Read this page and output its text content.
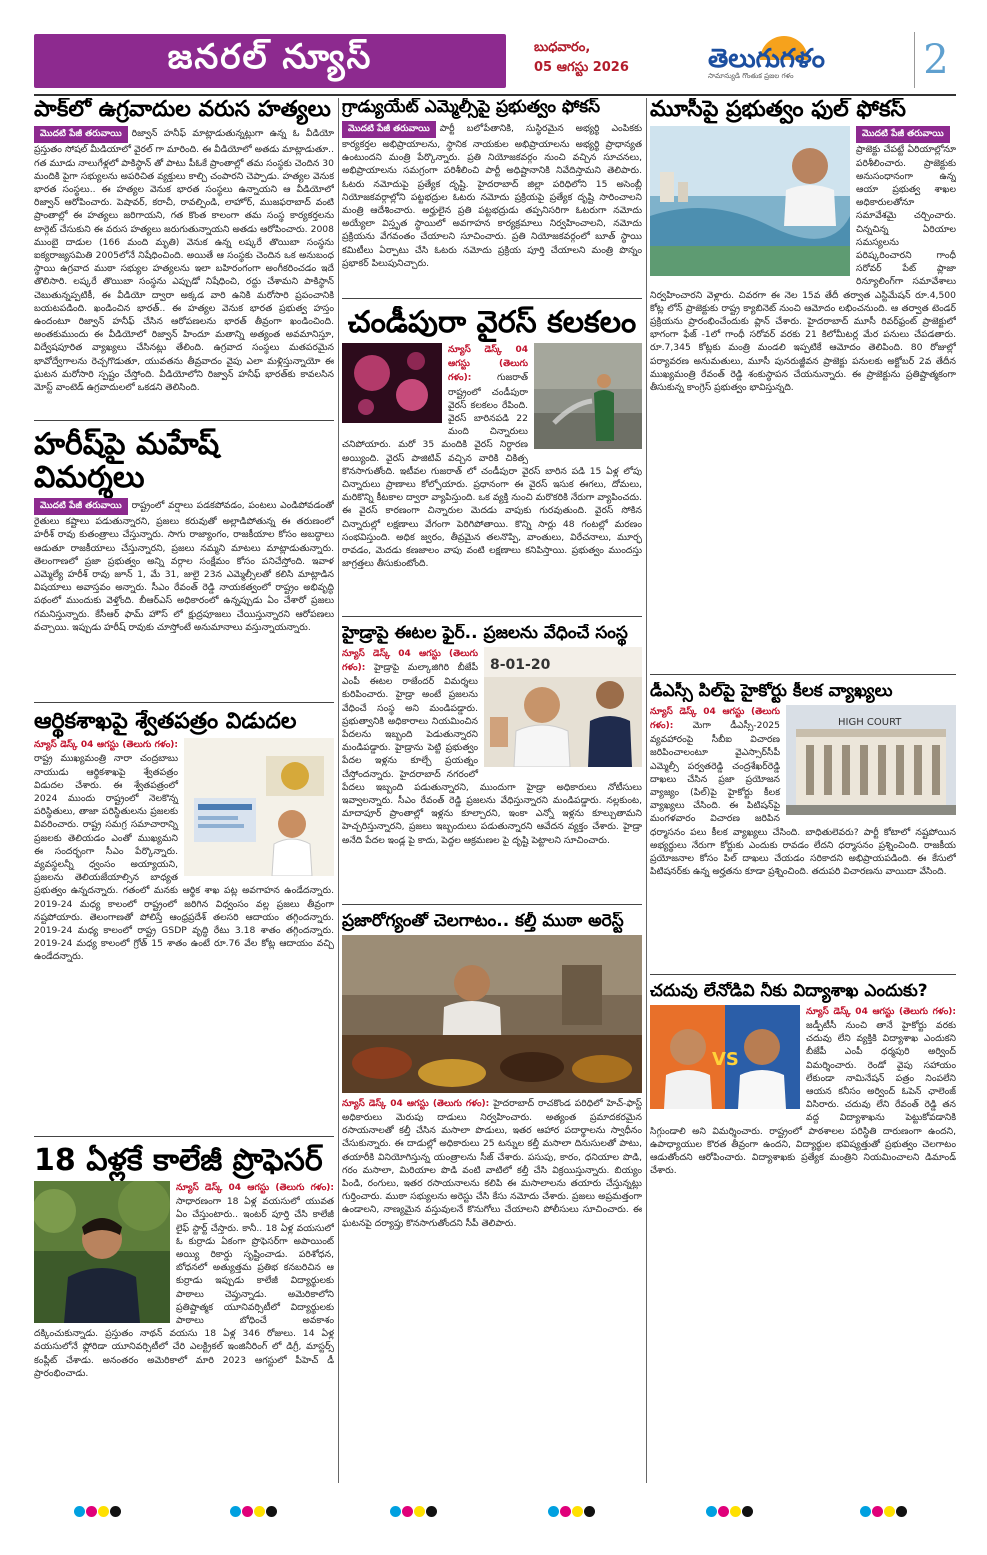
జనరల్ న్యూస్	బుధవారం,
05 ఆగస్టు 2026	తెలుగుగళం
సామాన్యుడి గొంతుక ప్రజల గళం	2
పాక్‌లో ఉగ్రవాదుల వరుస హత్యలు

మొదటి పేజీ తరువాయి రిజ్వాన్ హనీఫ్ మాట్లాడుతున్నట్లుగా ఉన్న ఓ వీడియో ప్రస్తుతం సోషల్ మీడియాలో వైరల్ గా మారింది. ఈ వీడియోలో అతడు మాట్లాడుతూ.. గత మూడు నాలుగేళ్లలో పాకిస్థాన్ తో పాటు పీఓకే ప్రాంతాల్లో తమ సంస్థకు చెందిన 30 మందికి పైగా సభ్యులను అపరిచిత వ్యక్తులు కాల్చి చంపారని చెప్పాడు. హత్యల వెనుక భారత సంస్థలు.. ఈ హత్యల వెనుక భారత సంస్థలు ఉన్నాయని ఆ వీడియోలో రిజ్వాన్ ఆరోపించారు. పెషావర్, కరాచీ, రావల్పిండి, లాహోర్, ముజఫరాబాద్ వంటి ప్రాంతాల్లో ఈ హత్యలు జరిగాయని, గత కొంత కాలంగా తమ సంస్థ కార్యకర్తలను టార్గెట్ చేసుకుని ఈ వరుస హత్యలు జరుగుతున్నాయని అతడు ఆరోపించారు. 2008 ముంబై దాడుల (166 మంది మృతి) వెనుక ఉన్న లష్కరే తొయిబా సంస్థను ఐక్యరాజ్యసమితి 2005లోనే నిషేధించింది. అయితే ఆ సంస్థకు చెందిన ఒక అనుబంధ స్థాయి ఉగ్రవాద ముఠా సభ్యుల హత్యలను ఇలా బహిరంగంగా అంగీకరించడం ఇదే తొలిసారి. లష్కరే తొయిబా సంస్థను ఎప్పుడో నిషేధించి, రద్దు చేశామని పాకిస్థాన్ చెబుతున్నప్పటికీ, ఈ వీడియో ద్వారా అక్కడ వారి ఉనికి మరోసారి ప్రపంచానికి బయటపడింది. ఖండించిన భారత్.. ఈ హత్యల వెనుక భారత ప్రభుత్వ హస్తం ఉందంటూ రిజ్వాన్ హనీఫ్ చేసిన ఆరోపణలను భారత్ తీవ్రంగా ఖండించింది. అంతకుముందు ఈ వీడియోలో రిజ్వాన్ హిందూ మతాన్ని అత్యంత అవమానిస్తూ, విద్వేషపూరిత వ్యాఖ్యలు చేసినట్లు తేలింది. ఉగ్రవాద సంస్థలు మతపరమైన భావోద్వేగాలను రెచ్చగొడుతూ, యువతను తీవ్రవాదం వైపు ఎలా మళ్లిస్తున్నాయో ఈ ఘటన మరోసారి స్పష్టం చేస్తోంది. వీడియోలోని రిజ్వాన్ హనీఫ్ భారత్‌కు కావలసిన మోస్ట్ వాంటెడ్ ఉగ్రవాదులలో ఒకడని తెలిసింది.

హరీష్‌పై మహేష్ విమర్శలు

మొదటి పేజీ తరువాయి రాష్ట్రంలో వర్షాలు పడకపోవడం, పంటలు ఎండిపోవడంతో రైతులు కష్టాలు పడుతున్నారని, ప్రజలు కరువుతో అల్లాడిపోతున్న ఈ తరుణంలో హరీశ్ రావు కుతంత్రాలు చేస్తున్నారు. సాగు రాజ్యాంగం, రాజకీయాల కోసం అబద్ధాలు ఆడుతూ రాజకీయాలు చేస్తున్నారని, ప్రజలు నమ్మని మాటలు మాట్లాడుతున్నారు. తెలంగాణలో ప్రజా ప్రభుత్వం అన్ని వర్గాల సంక్షేమం కోసం పనిచేస్తోంది. ఇవాళ ఎమ్మెల్యే హరీశ్ రావు జూన్ 1, మే 31, జులై 23న ఎమ్మెల్సీలతో కలిసి మాట్లాడిన విషయాలు అవాస్తవం అన్నారు. సీఎం రేవంత్ రెడ్డి నాయకత్వంలో రాష్ట్రం అభివృద్ధి పథంలో ముందుకు వెళ్తోంది. బీఆర్ఎస్ అధికారంలో ఉన్నప్పుడు ఏం చేశారో ప్రజలు గమనిస్తున్నారు. కేసీఆర్ ఫామ్ హౌస్ లో క్షుద్రపూజలు చేయిస్తున్నారని ఆరోపణలు వచ్చాయి. ఇప్పుడు హరీష్ రావుకు చూస్తోంటే అనుమానాలు వస్తున్నాయన్నారు.

ఆర్థికశాఖపై శ్వేతపత్రం విడుదల

న్యూస్ డెస్క్ 04 ఆగస్టు (తెలుగు గళం): రాష్ట్ర ముఖ్యమంత్రి నారా చంద్రబాబు నాయుడు ఆర్థికశాఖపై శ్వేతపత్రం విడుదల చేశారు. ఈ శ్వేతపత్రంలో 2024 ముందు రాష్ట్రంలో నెలకొన్న పరిస్థితులు, తాజా పరిస్థితులను ప్రజలకు వివరించారు. రాష్ట్ర సమగ్ర సమాచారాన్ని ప్రజలకు తెలియడం ఎంతో ముఖ్యమని ఈ సందర్భంగా సీఎం పేర్కొన్నారు. వ్యవస్థలన్నీ ధ్వంసం అయ్యాయని, ప్రజలను తెలియజేయాల్సిన బాధ్యత ప్రభుత్వం ఉన్నదన్నారు. గతంలో మనకు ఆర్థిక శాఖ పట్ల అవగాహన ఉండేదన్నారు. 2019-24 మధ్య కాలంలో రాష్ట్రంలో జరిగిన విధ్వంసం వల్ల ప్రజలు తీవ్రంగా నష్టపోయారు. తెలంగాణతో పోలిస్తే ఆంధ్రప్రదేశ్ తలసరి ఆదాయం తగ్గిందన్నారు. 2019-24 మధ్య కాలంలో రాష్ట్ర GSDP వృద్ధి రేటు 3.18 శాతం తగ్గిందన్నారు. 2019-24 మధ్య కాలంలో గ్రోత్ 15 శాతం ఉంటే రూ.76 వేల కోట్ల ఆదాయం వచ్చి ఉండేదన్నారు.

18 ఏళ్లకే కాలేజీ ప్రొఫెసర్

న్యూస్ డెస్క్ 04 ఆగస్టు (తెలుగు గళం): సాధారణంగా 18 ఏళ్ల వయసులో యువత ఏం చేస్తుంటారు.. ఇంటర్ పూర్తి చేసి కాలేజీ లైఫ్ స్టార్ట్ చేస్తారు. కానీ.. 18 ఏళ్ల వయసులో ఓ కుర్రాడు ఏకంగా ప్రొఫెసర్‌గా అపాయింట్ అయ్యి రికార్డు సృష్టించాడు. పరిశోధన, బోధనలో అత్యుత్తమ ప్రతిభ కనబరిచిన ఆ కుర్రాడు ఇప్పుడు కాలేజీ విద్యార్థులకు పాఠాలు చెప్తున్నాడు. అమెరికాలోని ప్రతిష్టాత్మక యూనివర్సిటీలో విద్యార్థులకు పాఠాలు బోధించే అవకాశం దక్కించుకున్నాడు. ప్రస్తుతం నాథన్ వయసు 18 ఏళ్ల 346 రోజులు. 14 ఏళ్ల వయసులోనే ఫ్లోరిడా యూనివర్సిటీలో చేరి ఎలక్ట్రికల్ ఇంజినీరింగ్ లో డిగ్రీ, మాస్టర్స్ కంప్లీట్ చేశాడు. అనంతరం అమెరికాలో మారి 2023 ఆగస్టులో పీహెచ్ డీ ప్రారంభించాడు.

గ్రాడ్యుయేట్ ఎమ్మెల్సీపై ప్రభుత్వం ఫోకస్

మొదటి పేజీ తరువాయి పార్టీ బలోపేతానికి, సుస్థిరమైన అభ్యర్థి ఎంపికకు కార్యకర్తల అభిప్రాయాలను, స్థానిక నాయకుల అభిప్రాయాలను అభ్యర్థి ప్రాధాన్యత ఉంటుందని మంత్రి పేర్కొన్నారు. ప్రతి నియోజకవర్గం నుంచి వచ్చిన సూచనలు, అభిప్రాయాలను సమగ్రంగా పరిశీలించి పార్టీ అధిష్టానానికి నివేదిస్తామని తెలిపారు. ఓటరు నమోదుపై ప్రత్యేక దృష్టి. హైదరాబాద్ జిల్లా పరిధిలోని 15 అసెంబ్లీ నియోజకవర్గాల్లోని పట్టభద్రుల ఓటరు నమోదు ప్రక్రియపై ప్రత్యేక దృష్టి సారించాలని మంత్రి ఆదేశించారు. అర్హులైన ప్రతి పట్టభద్రుడు తప్పనిసరిగా ఓటరుగా నమోదు అయ్యేలా విస్తృత స్థాయిలో అవగాహన కార్యక్రమాలు నిర్వహించాలని, నమోదు ప్రక్రియను వేగవంతం చేయాలని సూచించారు. ప్రతి నియోజకవర్గంలో బూత్ స్థాయి కమిటీలు ఏర్పాటు చేసి ఓటరు నమోదు ప్రక్రియ పూర్తి చేయాలని మంత్రి పొన్నం ప్రభాకర్ పిలుపునిచ్చారు.

చండీపురా వైరస్ కలకలం

న్యూస్ డెస్క్ 04 ఆగస్టు (తెలుగు గళం):	గుజరాత్ రాష్ట్రంలో చండీపురా వైరస్ కలకలం రేపింది. వైరస్ బారినపడి 22 మంది చిన్నారులు చనిపోయారు. మరో 35 మందికి వైరస్ నిర్ధారణ అయ్యింది. వైరస్ పాజిటివ్ వచ్చిన వారికి చికిత్స కొనసాగుతోంది. ఇటీవల గుజరాత్ లో చండీపురా వైరస్ బారిన పడి 15 ఏళ్ల లోపు చిన్నారులు ప్రాణాలు కోల్పోయారు. ప్రధానంగా ఈ వైరస్ ఇసుక ఈగలు, దోమలు, మరికొన్ని కీటకాల ద్వారా వ్యాపిస్తుంది. ఒక వ్యక్తి నుంచి మరొకరికి నేరుగా వ్యాపించదు. ఈ వైరస్ కారణంగా చిన్నారుల మెదడు వాపుకు గురవుతుంది. వైరస్ సోకిన చిన్నారుల్లో లక్షణాలు వేగంగా పెరిగిపోతాయి. కొన్ని సార్లు 48 గంటల్లో మరణం సంభవిస్తుంది. అధిక జ్వరం, తీవ్రమైన తలనొప్పి, వాంతులు, విరేచనాలు, మూర్ఛ రావడం, మెదడు కణజాలం వాపు వంటి లక్షణాలు కనిపిస్తాయి. ప్రభుత్వం ముందస్తు జాగ్రత్తలు తీసుకుంటోంది.

హైడ్రాపై ఈటల ఫైర్.. ప్రజలను వేధించే సంస్థ
8-01-20

న్యూస్ డెస్క్ 04 ఆగస్టు (తెలుగు గళం): హైడ్రాపై మల్కాజిగిరి బీజేపీ ఎంపీ ఈటల రాజేందర్ విమర్శలు కురిపించారు. హైడ్రా అంటే ప్రజలను వేధించే సంస్థ అని మండిపడ్డారు. ప్రభుత్వానికి అధికారాలు నియమించిన పేదలను ఇబ్బంది పెడుతున్నారని మండిపడ్డారు. హైడ్రాను పెట్టి ప్రభుత్వం పేదల ఇళ్లను కూల్చే ప్రయత్నం చేస్తోందన్నారు. హైదరాబాద్ నగరంలో పేదలు ఇబ్బంది పడుతున్నారని, ముందుగా హైడ్రా అధికారులు నోటీసులు ఇవ్వాలన్నారు. సీఎం రేవంత్ రెడ్డి ప్రజలను వేధిస్తున్నారని మండిపడ్డారు. నల్లకుంట, మాదాపూర్ ప్రాంతాల్లో ఇళ్లను కూల్చారని, ఇంకా ఎన్నో ఇళ్లను కూల్చుతామని హెచ్చరిస్తున్నారని, ప్రజలు ఇబ్బందులు పడుతున్నారని ఆవేదన వ్యక్తం చేశారు. హైడ్రా అనేది పేదల ఇండ్ల పై కాదు, పెద్దల ఆక్రమణల పై దృష్టి పెట్టాలని సూచించారు.

ప్రజారోగ్యంతో చెలగాటం.. కల్తీ ముఠా అరెస్ట్

న్యూస్ డెస్క్ 04 ఆగస్టు (తెలుగు గళం): హైదరాబాద్ రాచకొండ పరిధిలో హెచ్-ఫాస్ట్ అధికారులు మెరుపు దాడులు నిర్వహించారు. అత్యంత ప్రమాదకరమైన రసాయనాలతో కల్తీ చేసిన మసాలా పొడులు, ఇతర ఆహార పదార్థాలను స్వాధీనం చేసుకున్నారు. ఈ దాడుల్లో అధికారులు 25 టన్నుల కల్తీ మసాలా దినుసులతో పాటు, తయారీకి వినియోగిస్తున్న యంత్రాలను సీజ్ చేశారు. పసుపు, కారం, ధనియాల పొడి, గరం మసాలా, మిరియాల పొడి వంటి వాటిలో కల్తీ చేసి విక్రయిస్తున్నారు. బియ్యం పిండి, రంగులు, ఇతర రసాయనాలను కలిపి ఈ మసాలాలను తయారు చేస్తున్నట్లు గుర్తించారు. ముఠా సభ్యులను అరెస్టు చేసి కేసు నమోదు చేశారు. ప్రజలు అప్రమత్తంగా ఉండాలని, నాణ్యమైన వస్తువులనే కొనుగోలు చేయాలని పోలీసులు సూచించారు. ఈ ఘటనపై దర్యాప్తు కొనసాగుతోందని సీపీ తెలిపారు.

మూసీపై ప్రభుత్వం ఫుల్ ఫోకస్

మొదటి పేజీ తరువాయిప్రాజెక్టు చేపట్టే ఏరియాల్లోనూ పరిశీలించారు. ప్రాజెక్టుకు అనుసంధానంగా ఉన్న ఆయా ప్రభుత్వ శాఖల అధికారులతోనూ సమావేశమై చర్చించారు. చిన్నచిన్న ఏరియాల సమస్యలను పరిష్కరించారని గాంధీ సరోవర్ పేట్ ప్లాజా రిన్యూలింగ్‌గా సమావేశాలు నిర్వహించారని వెళ్లారు. చివరగా ఈ నెల 15వ తేదీ తర్వాత ఎస్టిమేషన్ రూ.4,500 కోట్ల లోన్ ప్రాజెక్టుకు రాష్ట్ర క్యాబినెట్ నుంచి ఆమోదం లభించనుంది. ఆ తర్వాత టెండర్ ప్రక్రియను ప్రారంభించేందుకు ప్లాన్ చేశారు. హైదరాబాద్ మూసీ రివర్‌ఫ్రంట్ ప్రాజెక్టులో భాగంగా ఫేజ్ -1లో గాంధీ సరోవర్ వరకు 21 కిలోమీటర్ల మేర పనులు చేపడతారు. రూ.7,345 కోట్లకు మంత్రి మండలి ఇప్పటికే ఆమోదం తెలిపింది. 80 రోజుల్లో పర్యావరణ అనుమతులు, మూసీ పునరుజ్జీవన ప్రాజెక్టు పనులకు అక్టోబర్ 2వ తేదీన ముఖ్యమంత్రి రేవంత్ రెడ్డి శంకుస్థాపన చేయనున్నారు. ఈ ప్రాజెక్టును ప్రతిష్టాత్మకంగా తీసుకున్న కాంగ్రెస్ ప్రభుత్వం భావిస్తున్నది.

డీఎస్సీ పిల్‌పై హైకోర్టు కీలక వ్యాఖ్యలు
HIGH COURT

న్యూస్ డెస్క్ 04 ఆగస్టు (తెలుగు గళం): మెగా డీఎస్సీ-2025 వ్యవహారంపై సీబీఐ విచారణ జరిపించాలంటూ వైఎస్సార్‌సీపీ ఎమ్మెల్సీ పర్వతరెడ్డి చంద్రశేఖర్‌రెడ్డి దాఖలు చేసిన ప్రజా ప్రయోజన వ్యాజ్యం (పిల్)పై హైకోర్టు కీలక వ్యాఖ్యలు చేసింది. ఈ పిటిషన్‌పై మంగళవారం విచారణ జరిపిన ధర్మాసనం పలు కీలక వ్యాఖ్యలు చేసింది. బాధితులెవరు? పార్టీ కోటాలో నష్టపోయిన అభ్యర్థులు నేరుగా కోర్టుకు ఎందుకు రావడం లేదని ధర్మాసనం ప్రశ్నించింది. రాజకీయ ప్రయోజనాల కోసం పిల్ దాఖలు చేయడం సరికాదని అభిప్రాయపడింది. ఈ కేసులో పిటిషనర్‌కు ఉన్న అర్హతను కూడా ప్రశ్నించింది. తదుపరి విచారణను వాయిదా వేసింది.

చదువు లేనోడివి నీకు విద్యాశాఖ ఎందుకు?
VS

న్యూస్ డెస్క్ 04 ఆగస్టు (తెలుగు గళం): జడ్పీటీసీ నుంచి తానే హైకోర్టు వరకు చదువు లేని వ్యక్తికి విద్యాశాఖ ఎందుకని బీజేపీ ఎంపీ ధర్మపురి అర్వింద్ విమర్శించారు. రెండో వైపు సహాయం లేకుండా నామినేషన్ పత్రం నింపలేని ఆయన కనీసం అర్వింద్ ఓపెన్ ఛాలెంజ్ విసిరారు. చదువు లేని రేవంత్ రెడ్డి తన వద్ద విద్యాశాఖను పెట్టుకోవడానికి సిగ్గుండాలి అని విమర్శించారు. రాష్ట్రంలో పాఠశాలల పరిస్థితి దారుణంగా ఉందని, ఉపాధ్యాయుల కొరత తీవ్రంగా ఉందని, విద్యార్థుల భవిష్యత్తుతో ప్రభుత్వం చెలగాటం ఆడుతోందని ఆరోపించారు. విద్యాశాఖకు ప్రత్యేక మంత్రిని నియమించాలని డిమాండ్ చేశారు.
